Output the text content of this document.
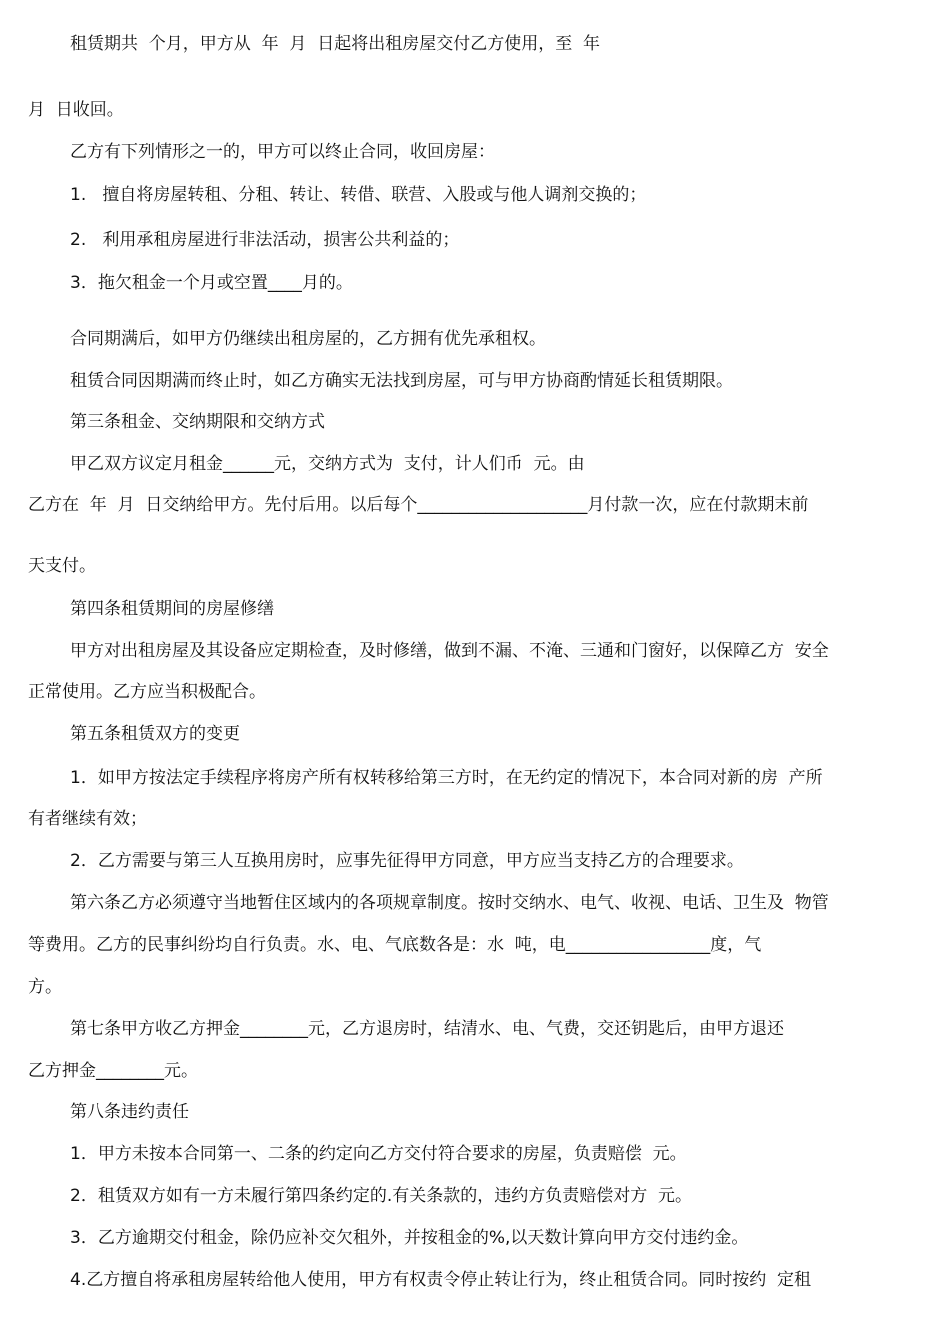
租赁期共  个月，甲方从  年  月  日起将出租房屋交付乙方使用，至  年
月  日收回。
乙方有下列情形之一的，甲方可以终止合同，收回房屋：
1.   擅自将房屋转租、分租、转让、转借、联营、入股或与他人调剂交换的；
2.   利用承租房屋进行非法活动，损害公共利益的；
3．拖欠租金一个月或空置____月的。
合同期满后，如甲方仍继续出租房屋的，乙方拥有优先承租权。
租赁合同因期满而终止时，如乙方确实无法找到房屋，可与甲方协商酌情延长租赁期限。
第三条租金、交纳期限和交纳方式
甲乙双方议定月租金______元，交纳方式为  支付，计人们币  元。由
乙方在  年  月  日交纳给甲方。先付后用。以后每个____________________月付款一次，应在付款期末前
天支付。
第四条租赁期间的房屋修缮
甲方对出租房屋及其设备应定期检查，及时修缮，做到不漏、不淹、三通和门窗好，以保障乙方  安全
正常使用。乙方应当积极配合。
第五条租赁双方的变更
1．如甲方按法定手续程序将房产所有权转移给第三方时，在无约定的情况下，本合同对新的房  产所
有者继续有效；
2．乙方需要与第三人互换用房时，应事先征得甲方同意，甲方应当支持乙方的合理要求。
第六条乙方必须遵守当地暂住区域内的各项规章制度。按时交纳水、电气、收视、电话、卫生及  物管
等费用。乙方的民事纠纷均自行负责。水、电、气底数各是：水  吨，电_________________度，气
方。
第七条甲方收乙方押金________元，乙方退房时，结清水、电、气费，交还钥匙后，由甲方退还
乙方押金________元。
第八条违约责任
1．甲方未按本合同第一、二条的约定向乙方交付符合要求的房屋，负责赔偿  元。
2．租赁双方如有一方未履行第四条约定的.有关条款的，违约方负责赔偿对方  元。
3．乙方逾期交付租金，除仍应补交欠租外，并按租金的%,以天数计算向甲方交付违约金。
4.乙方擅自将承租房屋转给他人使用，甲方有权责令停止转让行为，终止租赁合同。同时按约  定租
